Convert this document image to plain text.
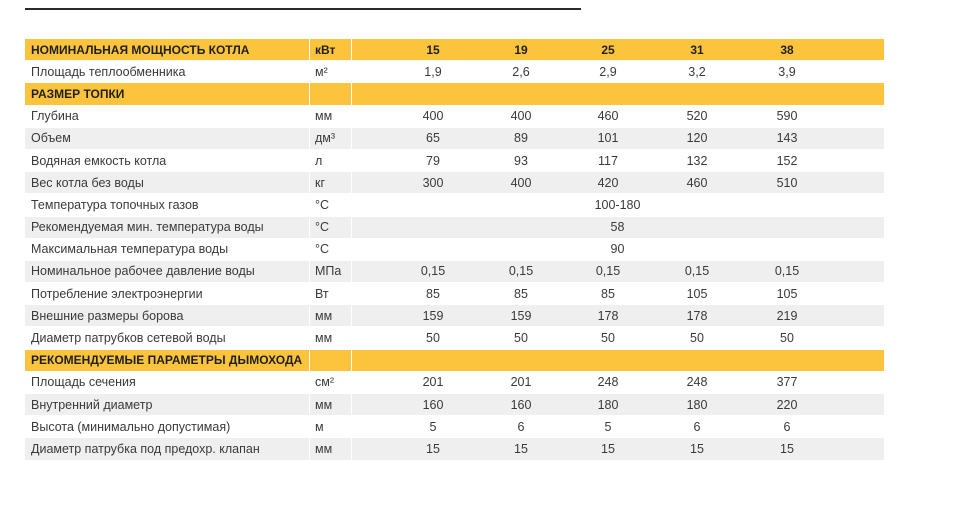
НОМИНАЛЬНАЯ МОЩНОСТЬ КОТЛА	кВт	15	19	25	31	38
Площадь теплообменника	м²	1,9	2,6	2,9	3,2	3,9
РАЗМЕР ТОПКИ
Глубина	мм	400	400	460	520	590
Объем	дм³	65	89	101	120	143
Водяная емкость котла	л	79	93	117	132	152
Вес котла без воды	кг	300	400	420	460	510
Температура топочных газов	°C	100-180
Рекомендуемая мин. температура воды	°C	58
Максимальная температура воды	°C	90
Номинальное рабочее давление воды	МПа	0,15	0,15	0,15	0,15	0,15
Потребление электроэнергии	Вт	85	85	85	105	105
Внешние размеры борова	мм	159	159	178	178	219
Диаметр патрубков сетевой воды	мм	50	50	50	50	50
РЕКОМЕНДУЕМЫЕ ПАРАМЕТРЫ ДЫМОХОДА
Площадь сечения	см²	201	201	248	248	377
Внутренний диаметр	мм	160	160	180	180	220
Высота (минимально допустимая)	м	5	6	5	6	6
Диаметр патрубка под предохр. клапан	мм	15	15	15	15	15
